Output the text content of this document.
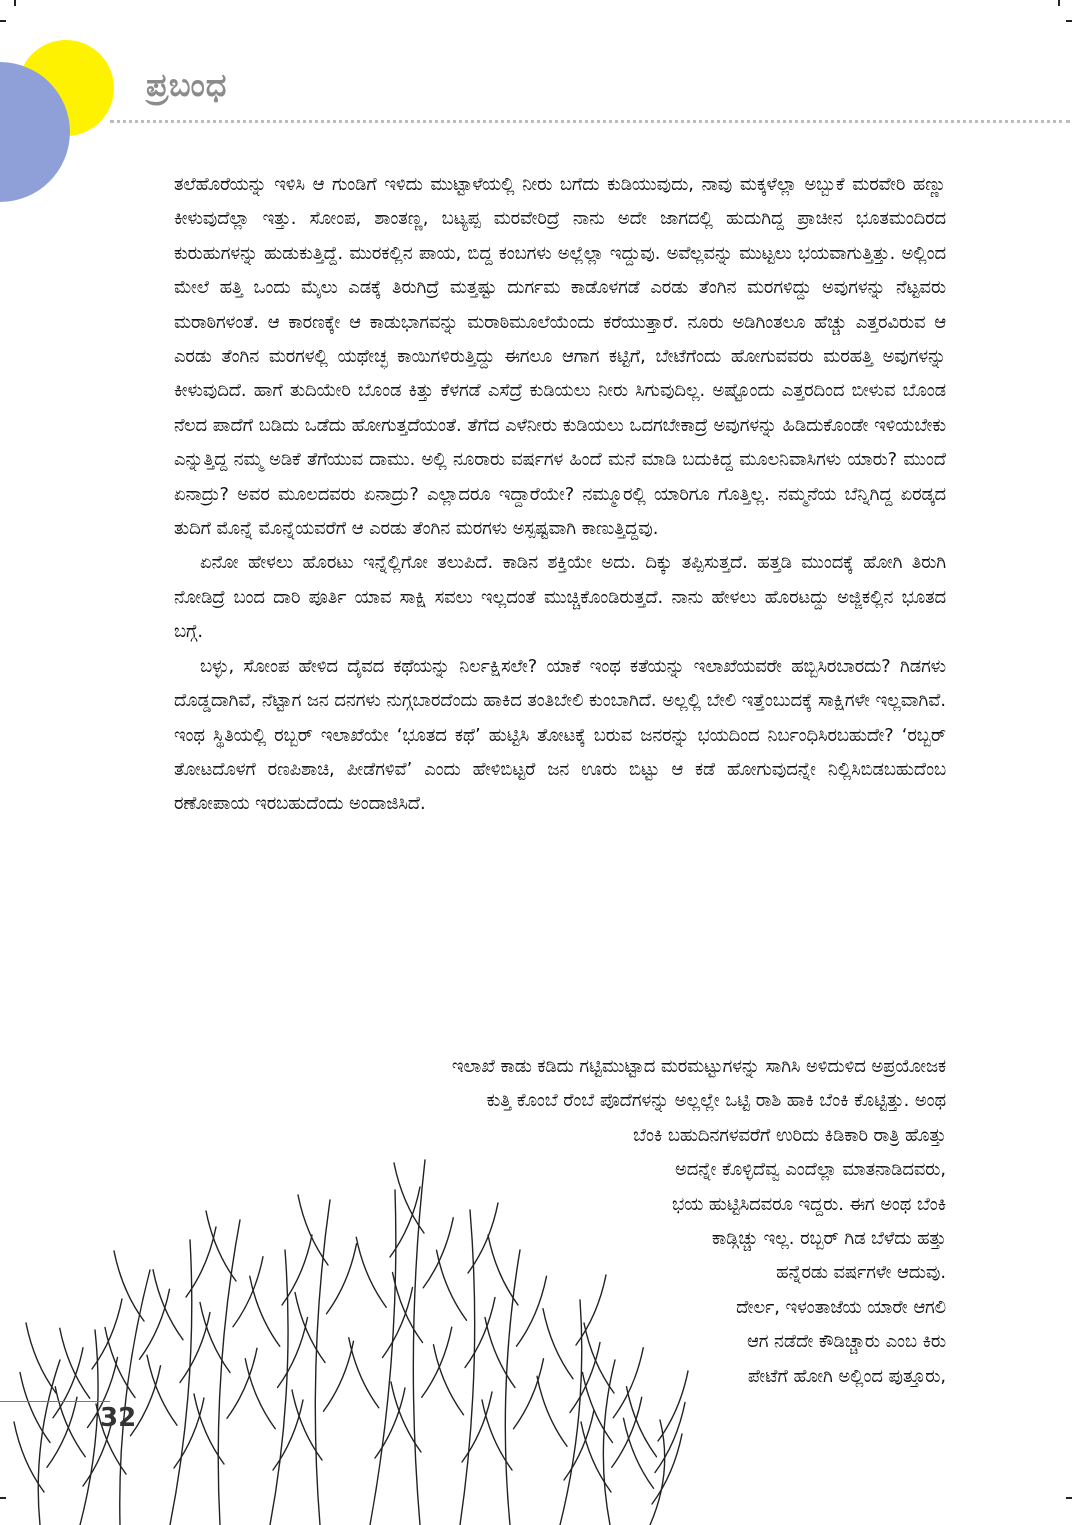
ಪ್ರಬಂಧ

ತಲೆಹೊರೆಯನ್ನು ಇಳಿಸಿ ಆ ಗುಂಡಿಗೆ ಇಳಿದು ಮುಟ್ಟಾಳೆಯಲ್ಲಿ ನೀರು ಬಗೆದು ಕುಡಿಯುವುದು, ನಾವು ಮಕ್ಕಳೆಲ್ಲಾ ಅಬ್ಬುಕೆ ಮರವೇರಿ ಹಣ್ಣು ಕೀಳುವುದೆಲ್ಲಾ ಇತ್ತು. ಸೋಂಪ, ಶಾಂತಣ್ಣ, ಬಟ್ಯಪ್ಪ ಮರವೇರಿದ್ರೆ ನಾನು ಅದೇ ಜಾಗದಲ್ಲಿ ಹುದುಗಿದ್ದ ಪ್ರಾಚೀನ ಭೂತಮಂದಿರದ ಕುರುಹುಗಳನ್ನು ಹುಡುಕುತ್ತಿದ್ದೆ. ಮುರಕಲ್ಲಿನ ಪಾಯ, ಬಿದ್ದ ಕಂಬಗಳು ಅಲ್ಲೆಲ್ಲಾ ಇದ್ದುವು. ಅವೆಲ್ಲವನ್ನು ಮುಟ್ಟಲು ಭಯವಾಗುತ್ತಿತ್ತು. ಅಲ್ಲಿಂದ ಮೇಲೆ ಹತ್ತಿ ಒಂದು ಮೈಲು ಎಡಕ್ಕೆ ತಿರುಗಿದ್ರೆ ಮತ್ತಷ್ಟು ದುರ್ಗಮ ಕಾಡೊಳಗಡೆ ಎರಡು ತೆಂಗಿನ ಮರಗಳಿದ್ದು ಅವುಗಳನ್ನು ನೆಟ್ಟವರು ಮರಾಠಿಗಳಂತೆ. ಆ ಕಾರಣಕ್ಕೇ ಆ ಕಾಡುಭಾಗವನ್ನು ಮರಾಠಿಮೂಲೆಯೆಂದು ಕರೆಯುತ್ತಾರೆ. ನೂರು ಅಡಿಗಿಂತಲೂ ಹೆಚ್ಚು ಎತ್ತರವಿರುವ ಆ ಎರಡು ತೆಂಗಿನ ಮರಗಳಲ್ಲಿ ಯಥೇಚ್ಛ ಕಾಯಿಗಳಿರುತ್ತಿದ್ದು ಈಗಲೂ ಆಗಾಗ ಕಟ್ಟಿಗೆ, ಬೇಟೆಗೆಂದು ಹೋಗುವವರು ಮರಹತ್ತಿ ಅವುಗಳನ್ನು ಕೀಳುವುದಿದೆ. ಹಾಗೆ ತುದಿಯೇರಿ ಬೊಂಡ ಕಿತ್ತು ಕೆಳಗಡೆ ಎಸೆದ್ರೆ ಕುಡಿಯಲು ನೀರು ಸಿಗುವುದಿಲ್ಲ. ಅಷ್ಟೊಂದು ಎತ್ತರದಿಂದ ಬೀಳುವ ಬೊಂಡ ನೆಲದ ಪಾದೆಗೆ ಬಡಿದು ಒಡೆದು ಹೋಗುತ್ತದೆಯಂತೆ. ತೆಗೆದ ಎಳೆನೀರು ಕುಡಿಯಲು ಒದಗಬೇಕಾದ್ರೆ ಅವುಗಳನ್ನು ಹಿಡಿದುಕೊಂಡೇ ಇಳಿಯಬೇಕು ಎನ್ನುತ್ತಿದ್ದ ನಮ್ಮ ಅಡಿಕೆ ತೆಗೆಯುವ ದಾಮು. ಅಲ್ಲಿ ನೂರಾರು ವರ್ಷಗಳ ಹಿಂದೆ ಮನೆ ಮಾಡಿ ಬದುಕಿದ್ದ ಮೂಲನಿವಾಸಿಗಳು ಯಾರು? ಮುಂದೆ ಏನಾದ್ರು? ಅವರ ಮೂಲದವರು ಏನಾದ್ರು? ಎಲ್ಲಾದರೂ ಇದ್ದಾರೆಯೇ? ನಮ್ಮೂರಲ್ಲಿ ಯಾರಿಗೂ ಗೊತ್ತಿಲ್ಲ. ನಮ್ಮನೆಯ ಬೆನ್ನಿಗಿದ್ದ ಏರಡ್ಕದ ತುದಿಗೆ ಮೊನ್ನೆ ಮೊನ್ನೆಯವರೆಗೆ ಆ ಎರಡು ತೆಂಗಿನ ಮರಗಳು ಅಸ್ಪಷ್ಟವಾಗಿ ಕಾಣುತ್ತಿದ್ದವು.

ಏನೋ ಹೇಳಲು ಹೊರಟು ಇನ್ನೆಲ್ಲಿಗೋ ತಲುಪಿದೆ. ಕಾಡಿನ ಶಕ್ತಿಯೇ ಅದು. ದಿಕ್ಕು ತಪ್ಪಿಸುತ್ತದೆ. ಹತ್ತಡಿ ಮುಂದಕ್ಕೆ ಹೋಗಿ ತಿರುಗಿ ನೋಡಿದ್ರೆ ಬಂದ ದಾರಿ ಪೂರ್ತಿ ಯಾವ ಸಾಕ್ಷಿ ಸವಲು ಇಲ್ಲದಂತೆ ಮುಚ್ಚಿಕೊಂಡಿರುತ್ತದೆ. ನಾನು ಹೇಳಲು ಹೊರಟದ್ದು ಅಜ್ಜಿಕಲ್ಲಿನ ಭೂತದ ಬಗ್ಗೆ.

ಬಳ್ಳು, ಸೋಂಪ ಹೇಳಿದ ದೈವದ ಕಥೆಯನ್ನು ನಿರ್ಲಕ್ಷಿಸಲೇ? ಯಾಕೆ ಇಂಥ ಕತೆಯನ್ನು ಇಲಾಖೆಯವರೇ ಹಬ್ಬಿಸಿರಬಾರದು? ಗಿಡಗಳು ದೊಡ್ಡದಾಗಿವೆ, ನೆಟ್ಟಾಗ ಜನ ದನಗಳು ನುಗ್ಗಬಾರದೆಂದು ಹಾಕಿದ ತಂತಿಬೇಲಿ ಕುಂಬಾಗಿದೆ. ಅಲ್ಲಲ್ಲಿ ಬೇಲಿ ಇತ್ತೆಂಬುದಕ್ಕೆ ಸಾಕ್ಷಿಗಳೇ ಇಲ್ಲವಾಗಿವೆ. ಇಂಥ ಸ್ಥಿತಿಯಲ್ಲಿ ರಬ್ಬರ್ ಇಲಾಖೆಯೇ ‘ಭೂತದ ಕಥೆ’ ಹುಟ್ಟಿಸಿ ತೋಟಕ್ಕೆ ಬರುವ ಜನರನ್ನು ಭಯದಿಂದ ನಿರ್ಬಂಧಿಸಿರಬಹುದೇ? ‘ರಬ್ಬರ್ ತೋಟದೊಳಗೆ ರಣಪಿಶಾಚಿ, ಪೀಡೆಗಳಿವೆ’ ಎಂದು ಹೇಳಿಬಿಟ್ಟರೆ ಜನ ಊರು ಬಿಟ್ಟು ಆ ಕಡೆ ಹೋಗುವುದನ್ನೇ ನಿಲ್ಲಿಸಿಬಿಡಬಹುದೆಂಬ ರಣೋಪಾಯ ಇರಬಹುದೆಂದು ಅಂದಾಜಿಸಿದೆ.

ಇಲಾಖೆ ಕಾಡು ಕಡಿದು ಗಟ್ಟಿಮುಟ್ಟಾದ ಮರಮಟ್ಟುಗಳನ್ನು ಸಾಗಿಸಿ ಅಳಿದುಳಿದ ಅಪ್ರಯೋಜಕ
ಕುತ್ತಿ ಕೊಂಬೆ ರೆಂಬೆ ಪೊದೆಗಳನ್ನು ಅಲ್ಲಲ್ಲೇ ಒಟ್ಟಿ ರಾಶಿ ಹಾಕಿ ಬೆಂಕಿ ಕೊಟ್ಟಿತ್ತು. ಅಂಥ
ಬೆಂಕಿ ಬಹುದಿನಗಳವರೆಗೆ ಉರಿದು ಕಿಡಿಕಾರಿ ರಾತ್ರಿ ಹೊತ್ತು
ಅದನ್ನೇ ಕೊಳ್ಳಿದೆವ್ವ ಎಂದೆಲ್ಲಾ ಮಾತನಾಡಿದವರು,
ಭಯ ಹುಟ್ಟಿಸಿದವರೂ ಇದ್ದರು. ಈಗ ಅಂಥ ಬೆಂಕಿ
ಕಾಡ್ಗಿಚ್ಚು ಇಲ್ಲ. ರಬ್ಬರ್ ಗಿಡ ಬೆಳೆದು ಹತ್ತು
ಹನ್ನೆರಡು ವರ್ಷಗಳೇ ಆದುವು.
ದೇರ್ಲ, ಇಳಂತಾಜೆಯ ಯಾರೇ ಆಗಲಿ
ಆಗ ನಡೆದೇ ಕೌಡಿಚ್ಚಾರು ಎಂಬ ಕಿರು
ಪೇಟೆಗೆ ಹೋಗಿ ಅಲ್ಲಿಂದ ಪುತ್ತೂರು,
32
